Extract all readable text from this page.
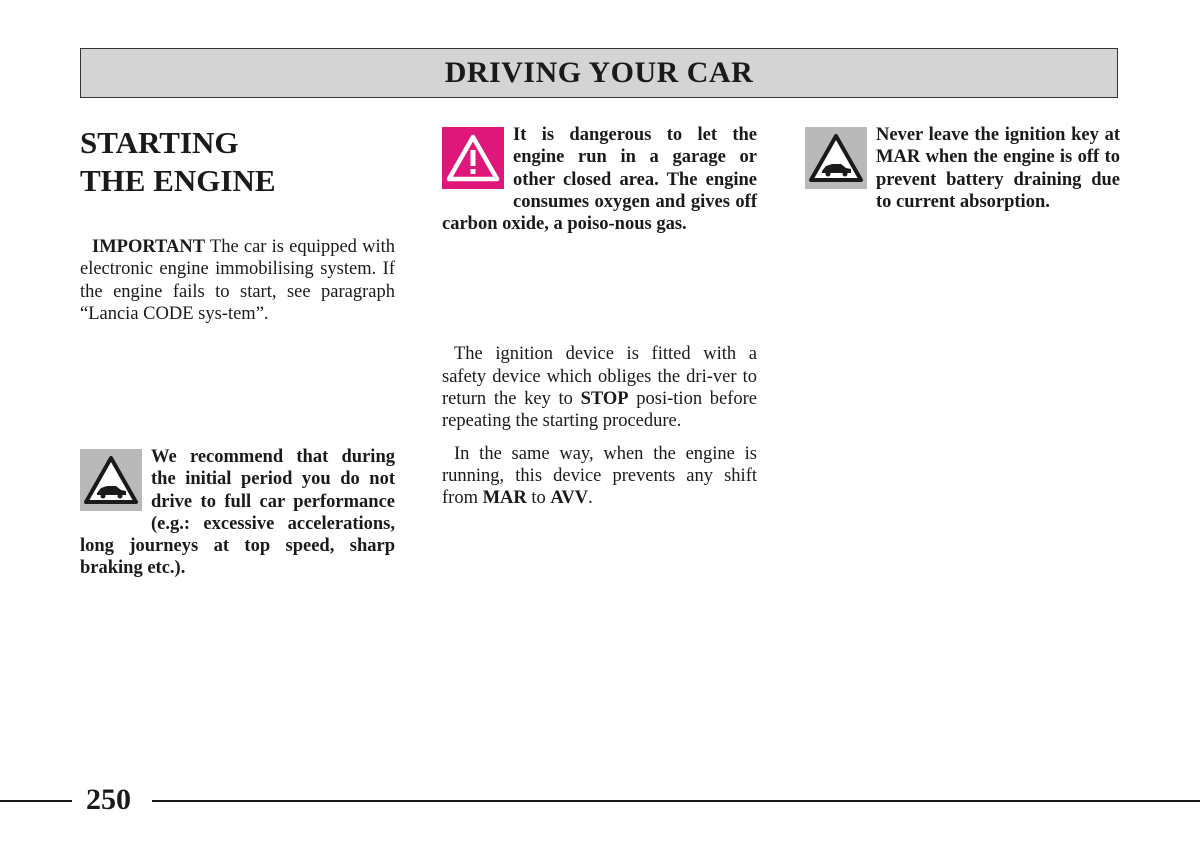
DRIVING YOUR CAR
STARTING
THE ENGINE

IMPORTANT The car is equipped with electronic engine immobilising system. If the engine fails to start, see paragraph “Lancia CODE sys-tem”.

We recommend that during the initial period you do not drive to full car performance (e.g.: excessive accelerations, long journeys at top speed, sharp braking etc.).
It is dangerous to let the engine run in a garage or other closed area. The engine consumes oxygen and gives off carbon oxide, a poiso-nous gas.

The ignition device is fitted with a safety device which obliges the dri-ver to return the key to STOP posi-tion before repeating the starting procedure.

In the same way, when the engine is running, this device prevents any shift from MAR to AVV.

Never leave the ignition key at MAR when the engine is off to prevent battery draining due to current absorption.
250
